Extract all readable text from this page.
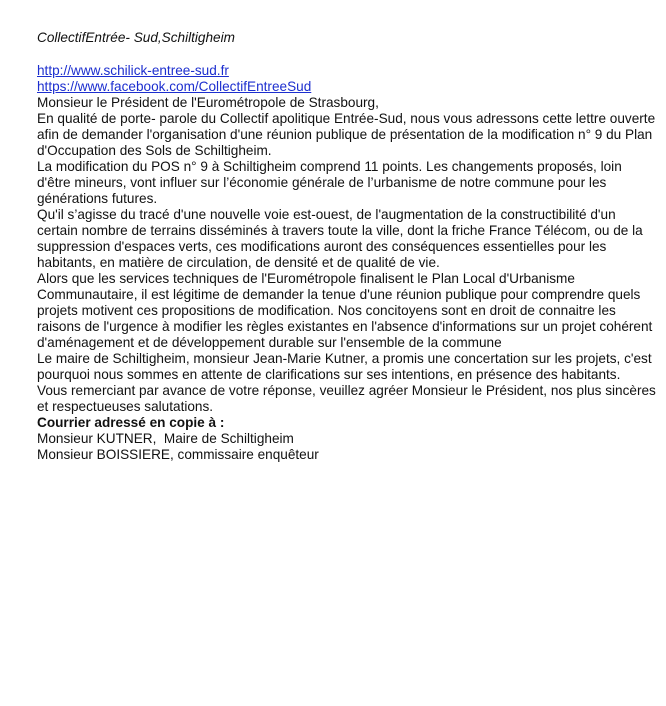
CollectifEntrée- Sud,Schiltigheim

http://www.schilick-entree-sud.fr
https://www.facebook.com/CollectifEntreeSud

Monsieur le Président de l'Eurométropole de Strasbourg,

En qualité de porte- parole du Collectif apolitique Entrée-Sud, nous vous adressons cette lettre ouverte afin de demander l'organisation d'une réunion publique de présentation de la modification n° 9 du Plan d'Occupation des Sols de Schiltigheim.

La modification du POS n° 9 à Schiltigheim comprend 11 points. Les changements proposés, loin d'être mineurs, vont influer sur l’économie générale de l’urbanisme de notre commune pour les générations futures.

Qu'il s’agisse du tracé d'une nouvelle voie est-ouest, de l'augmentation de la constructibilité d'un certain nombre de terrains disséminés à travers toute la ville, dont la friche France Télécom, ou de la suppression d'espaces verts, ces modifications auront des conséquences essentielles pour les habitants, en matière de circulation, de densité et de qualité de vie.

Alors que les services techniques de l'Eurométropole finalisent le Plan Local d'Urbanisme Communautaire, il est légitime de demander la tenue d'une réunion publique pour comprendre quels projets motivent ces propositions de modification. Nos concitoyens sont en droit de connaitre les raisons de l'urgence à modifier les règles existantes en l'absence d'informations sur un projet cohérent d'aménagement et de développement durable sur l'ensemble de la commune

Le maire de Schiltigheim, monsieur Jean-Marie Kutner, a promis une concertation sur les projets, c'est pourquoi nous sommes en attente de clarifications sur ses intentions, en présence des habitants.

Vous remerciant par avance de votre réponse, veuillez agréer Monsieur le Président, nos plus sincères et respectueuses salutations.

Courrier adressé en copie à :

Monsieur KUTNER,  Maire de Schiltigheim

Monsieur BOISSIERE, commissaire enquêteur
